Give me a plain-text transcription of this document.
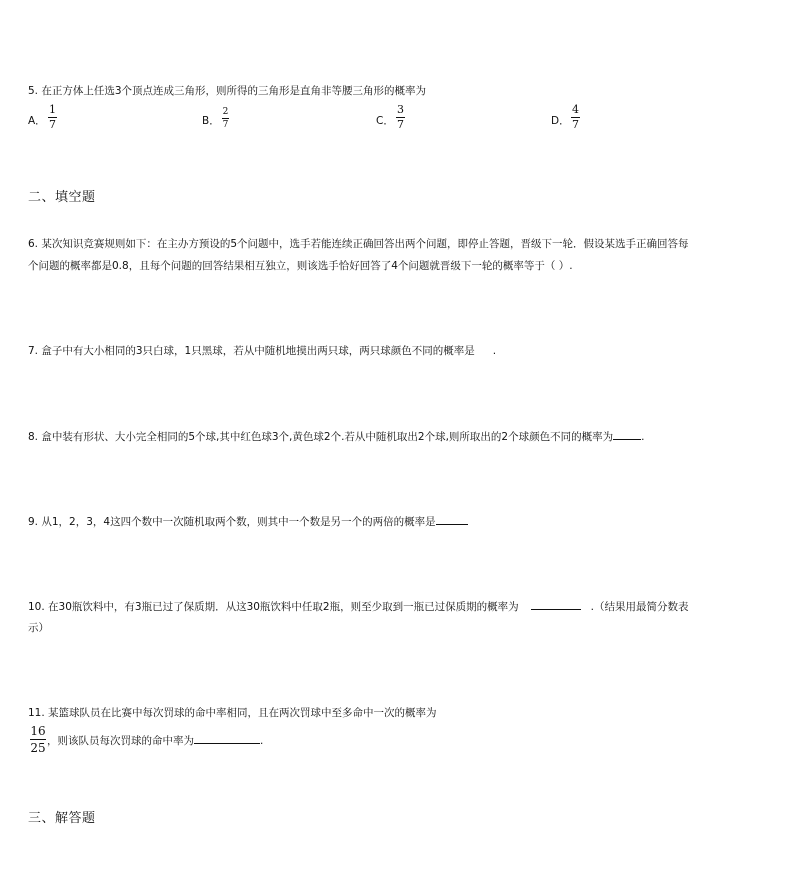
5. 在正方体上任选3个顶点连成三角形，则所得的三角形是直角非等腰三角形的概率为
A．
1
7	B．
2
7	C．
3
7	D．
4
7
二、填空题
6. 某次知识竞赛规则如下：在主办方预设的5个问题中，选手若能连续正确回答出两个问题，即停止答题，晋级下一轮．假设某选手正确回答每
个问题的概率都是0.8，且每个问题的回答结果相互独立，则该选手恰好回答了4个问题就晋级下一轮的概率等于（ ）.
7. 盒子中有大小相同的3只白球，1只黑球，若从中随机地摸出两只球，两只球颜色不同的概率是 .
8. 盒中装有形状、大小完全相同的5个球,其中红色球3个,黄色球2个.若从中随机取出2个球,则所取出的2个球颜色不同的概率为	.
9. 从1，2，3，4这四个数中一次随机取两个数，则其中一个数是另一个的两倍的概率是
10. 在30瓶饮料中，有3瓶已过了保质期．从这30瓶饮料中任取2瓶，则至少取到一瓶已过保质期的概率为	.（结果用最简分数表
示）
11. 某篮球队员在比赛中每次罚球的命中率相同，且在两次罚球中至多命中一次的概率为
16
25 ，则该队员每次罚球的命中率为	.
三、解答题
